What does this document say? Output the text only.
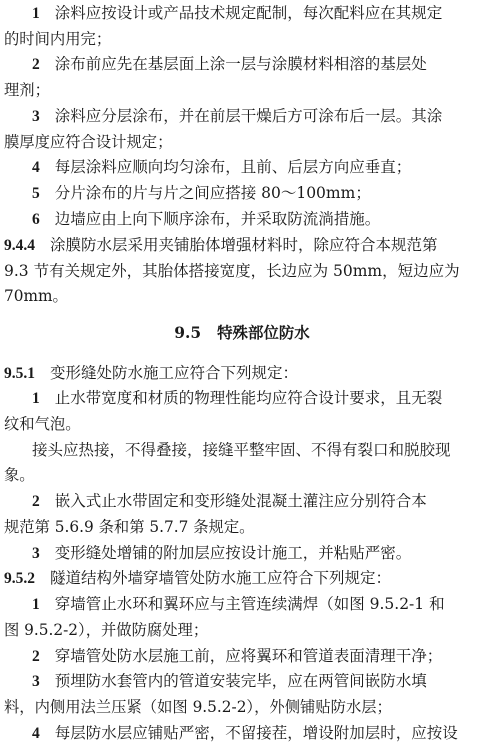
1 涂料应按设计或产品技术规定配制，每次配料应在其规定
的时间内用完；
2 涂布前应先在基层面上涂一层与涂膜材料相溶的基层处
理剂；
3 涂料应分层涂布，并在前层干燥后方可涂布后一层。其涂
膜厚度应符合设计规定；
4 每层涂料应顺向均匀涂布，且前、后层方向应垂直；
5 分片涂布的片与片之间应搭接 80～100mm；
6 边墙应由上向下顺序涂布，并采取防流淌措施。
9.4.4 涂膜防水层采用夹铺胎体增强材料时，除应符合本规范第
9.3 节有关规定外，其胎体搭接宽度，长边应为 50mm，短边应为
70mm。
9.5 特殊部位防水
9.5.1 变形缝处防水施工应符合下列规定：
1 止水带宽度和材质的物理性能均应符合设计要求，且无裂
纹和气泡。
接头应热接，不得叠接，接缝平整牢固、不得有裂口和脱胶现
象。
2 嵌入式止水带固定和变形缝处混凝土灌注应分别符合本
规范第 5.6.9 条和第 5.7.7 条规定。
3 变形缝处增铺的附加层应按设计施工，并粘贴严密。
9.5.2 隧道结构外墙穿墙管处防水施工应符合下列规定：
1 穿墙管止水环和翼环应与主管连续满焊（如图 9.5.2-1 和
图 9.5.2-2），并做防腐处理；
2 穿墙管处防水层施工前，应将翼环和管道表面清理干净；
3 预埋防水套管内的管道安装完毕，应在两管间嵌防水填
料，内侧用法兰压紧（如图 9.5.2-2），外侧铺贴防水层；
4 每层防水层应铺贴严密，不留接茬，增设附加层时，应按设
